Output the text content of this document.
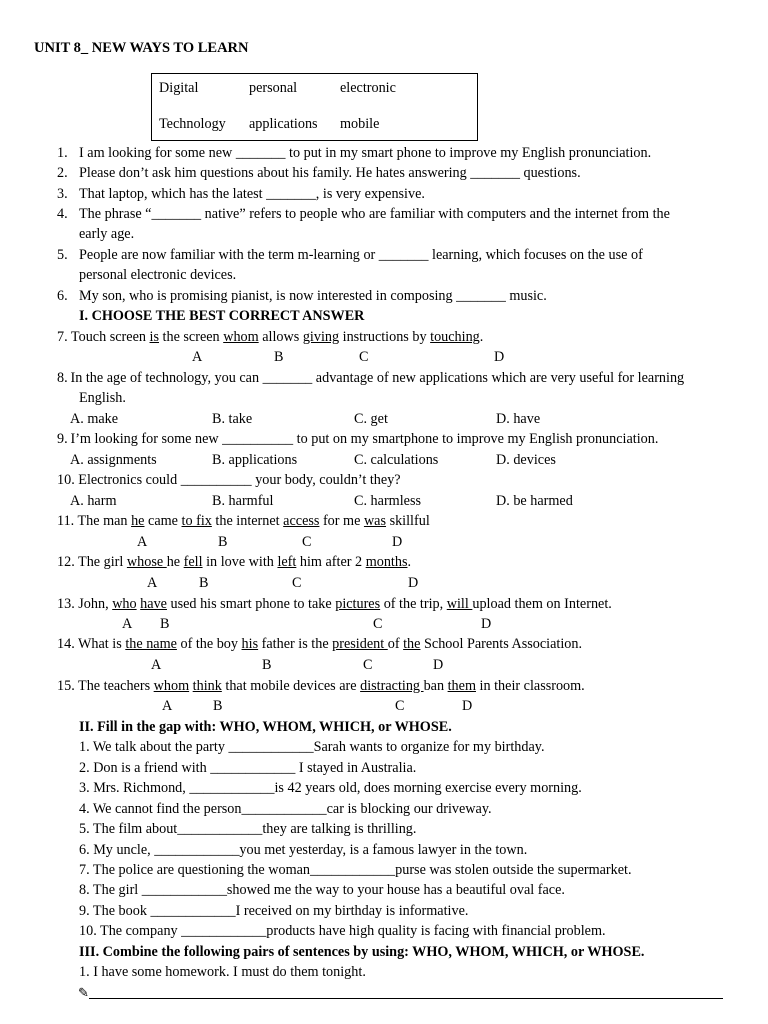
UNIT 8_ NEW WAYS TO LEARN
Digital	personal	electronic
Technology applications mobile
1. I am looking for some new _______ to put in my smart phone to improve my English pronunciation.
2. Please don’t ask him questions about his family. He hates answering _______ questions.
3. That laptop, which has the latest _______, is very expensive.
4. The phrase “_______ native” refers to people who are familiar with computers and the internet from the
early age.
5. People are now familiar with the term m-learning or _______ learning, which focuses on the use of
personal electronic devices.
6. My son, who is promising pianist, is now interested in composing _______ music.
I. CHOOSE THE BEST CORRECT ANSWER
7. Touch screen is the screen whom allows giving instructions by touching.
A	B	C	D
8. In the age of technology, you can _______ advantage of new applications which are very useful for learning
English.
A. make	B. take	C. get	D. have
9. I’m looking for some new __________ to put on my smartphone to improve my English pronunciation.
A. assignments	B. applications	C. calculations	D. devices
10. Electronics could __________ your body, couldn’t they?
A. harm	B. harmful	C. harmless	D. be harmed
11. The man he came to fix the internet access for me was skillful
A	B	C	D
12. The girl whose he fell in love with left him after 2 months.
A	B	C	D
13. John, who have used his smart phone to take pictures of the trip, will upload them on Internet.
A B	C	D
14. What is the name of the boy his father is the president of the School Parents Association.
A	B	C	D
15. The teachers whom think that mobile devices are distracting ban them in their classroom.
A	B	C	D
II. Fill in the gap with: WHO, WHOM, WHICH, or WHOSE.
1. We talk about the party ____________Sarah wants to organize for my birthday.
2. Don is a friend with ____________ I stayed in Australia.
3. Mrs. Richmond, ____________is 42 years old, does morning exercise every morning.
4. We cannot find the person____________car is blocking our driveway.
5. The film about____________they are talking is thrilling.
6. My uncle, ____________you met yesterday, is a famous lawyer in the town.
7. The police are questioning the woman____________purse was stolen outside the supermarket.
8. The girl ____________showed me the way to your house has a beautiful oval face.
9. The book ____________I received on my birthday is informative.
10. The company ____________products have high quality is facing with financial problem.
III. Combine the following pairs of sentences by using: WHO, WHOM, WHICH, or WHOSE.
1. I have some homework. I must do them tonight.
✎
